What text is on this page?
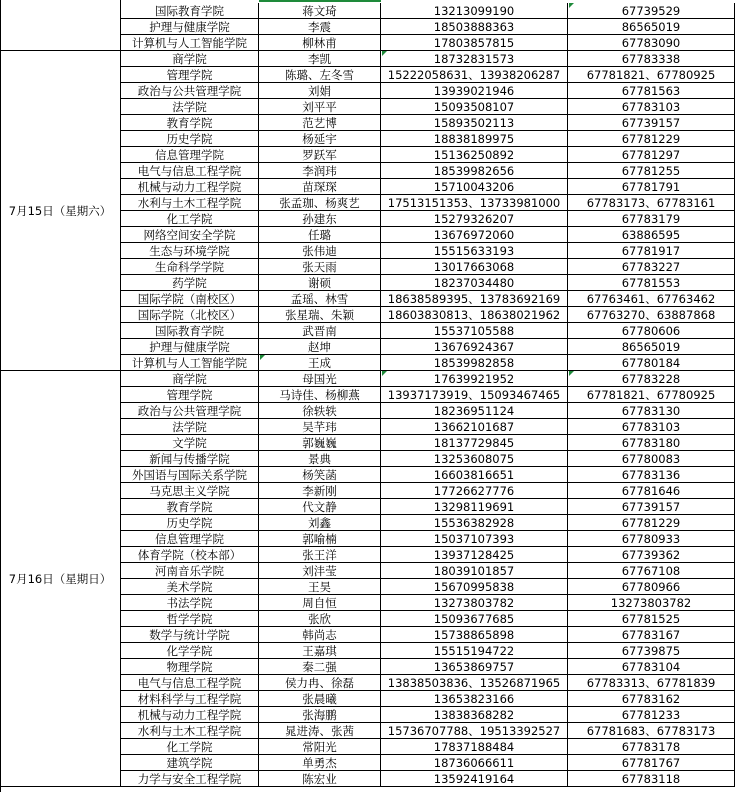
国际教育学院	蒋文琦	13213099190	67739529
护理与健康学院	李震	18503888363	86565019
计算机与人工智能学院	柳林甫	17803857815	67783090
7月15日（星期六）
商学院	李凯	18732831573	67783338
管理学院	陈璐、左冬雪	15222058631、13938206287	67781821、67780925
政治与公共管理学院	刘娟	13939021946	67781563
法学院	刘平平	15093508107	67783103
教育学院	范艺博	15893502113	67739157
历史学院	杨延宇	18838189975	67781229
信息管理学院	罗跃军	15136250892	67781297
电气与信息工程学院	李润玮	18539982656	67781255
机械与动力工程学院	苗琛琛	15710043206	67781791
水利与土木工程学院	张孟珈、杨爽艺	17513151353、13733981000	67783173、67783161
化工学院	孙建东	15279326207	67783179
网络空间安全学院	任璐	13676972060	63886595
生态与环境学院	张伟迪	15515633193	67781917
生命科学学院	张天雨	13017663068	67783227
药学院	谢硕	18237034480	67781553
国际学院（南校区）	孟瑶、林雪	18638589395、13783692169	67763461、67763462
国际学院（北校区）	张星瑞、朱颖	18603830813、18638021962	67763270、63887868
国际教育学院	武晋南	15537105588	67780606
护理与健康学院	赵坤	13676924367	86565019
计算机与人工智能学院	王成	18539982858	67780184
7月16日（星期日）
商学院	母国光	17639921952	67783228
管理学院	马诗佳、杨柳燕	13937173919、15093467465	67781821、67780925
政治与公共管理学院	徐轶轶	18236951124	67783130
法学院	吴芊玮	13662101687	67783103
文学院	郭巍巍	18137729845	67783180
新闻与传播学院	景典	13253608075	67780083
外国语与国际关系学院	杨笑菡	16603816651	67783136
马克思主义学院	李新刚	17726627776	67781646
教育学院	代文静	13298119691	67739157
历史学院	刘鑫	15536382928	67781229
信息管理学院	郭喻楠	15037107393	67780933
体育学院（校本部）	张王洋	13937128425	67739362
河南音乐学院	刘沣莹	18039101857	67767108
美术学院	王昊	15670995838	67780966
书法学院	周自恒	13273803782	13273803782
哲学学院	张欣	15093677685	67781525
数学与统计学院	韩尚志	15738865898	67783167
化学学院	王嘉琪	15515194722	67739875
物理学院	秦二强	13653869757	67783104
电气与信息工程学院	侯力冉、徐磊	13838503836、13526871965	67783313、67781839
材料科学与工程学院	张晨曦	13653823166	67783162
机械与动力工程学院	张海鹏	13838368282	67781233
水利与土木工程学院	晁进涛、张茜	15736707788、19513392527	67781683、67783173
化工学院	常阳光	17837188484	67783178
建筑学院	单勇杰	18736066611	67781767
力学与安全工程学院	陈宏业	13592419164	67783118
